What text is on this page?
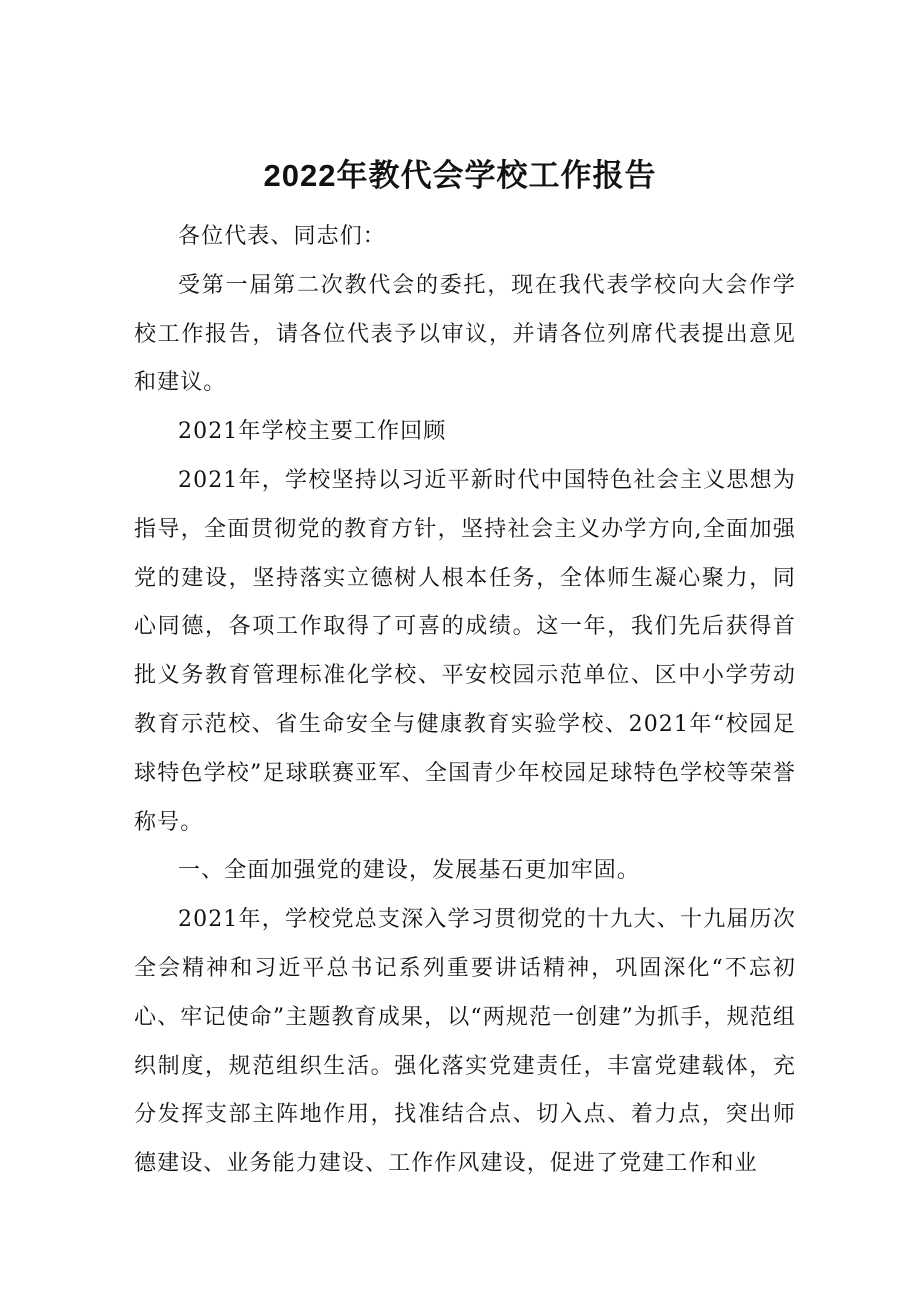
2022年教代会学校工作报告

各位代表、同志们：

受第一届第二次教代会的委托，现在我代表学校向大会作学校工作报告，请各位代表予以审议，并请各位列席代表提出意见和建议。

2021年学校主要工作回顾

2021年，学校坚持以习近平新时代中国特色社会主义思想为指导，全面贯彻党的教育方针，坚持社会主义办学方向,全面加强党的建设，坚持落实立德树人根本任务，全体师生凝心聚力，同心同德，各项工作取得了可喜的成绩。这一年，我们先后获得首批义务教育管理标准化学校、平安校园示范单位、区中小学劳动教育示范校、省生命安全与健康教育实验学校、2021年“校园足球特色学校”足球联赛亚军、全国青少年校园足球特色学校等荣誉称号。

一、全面加强党的建设，发展基石更加牢固。

2021年，学校党总支深入学习贯彻党的十九大、十九届历次全会精神和习近平总书记系列重要讲话精神，巩固深化“不忘初心、牢记使命”主题教育成果，以“两规范一创建”为抓手，规范组织制度，规范组织生活。强化落实党建责任，丰富党建载体，充分发挥支部主阵地作用，找准结合点、切入点、着力点，突出师德建设、业务能力建设、工作作风建设，促进了党建工作和业
